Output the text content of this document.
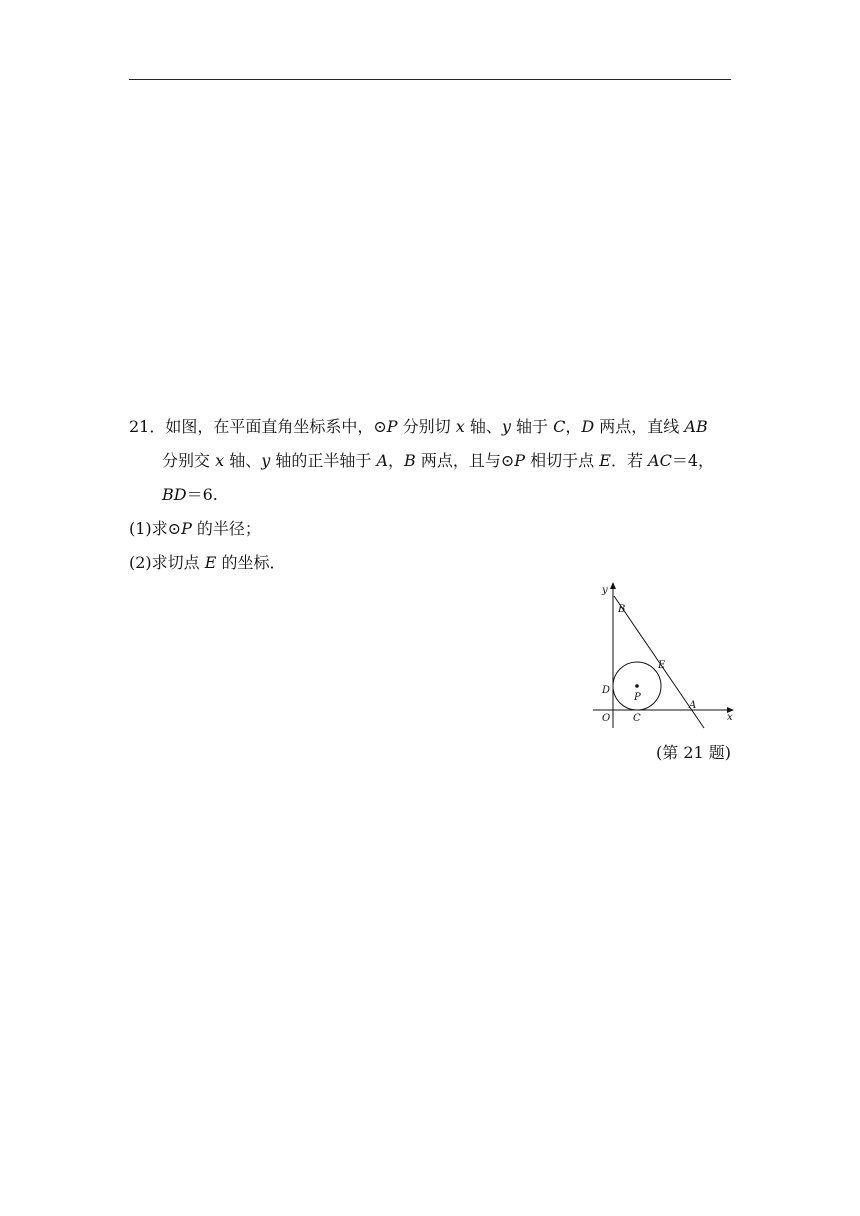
21．如图，在平面直角坐标系中，⊙P 分别切 x 轴、y 轴于 C，D 两点，直线 AB
分别交 x 轴、y 轴的正半轴于 A，B 两点，且与⊙P 相切于点 E．若 AC＝4，
BD＝6.
(1)求⊙P 的半径；
(2)求切点 E 的坐标．
y
x
O
B
E
D
P
C
A
(第 21 题)
